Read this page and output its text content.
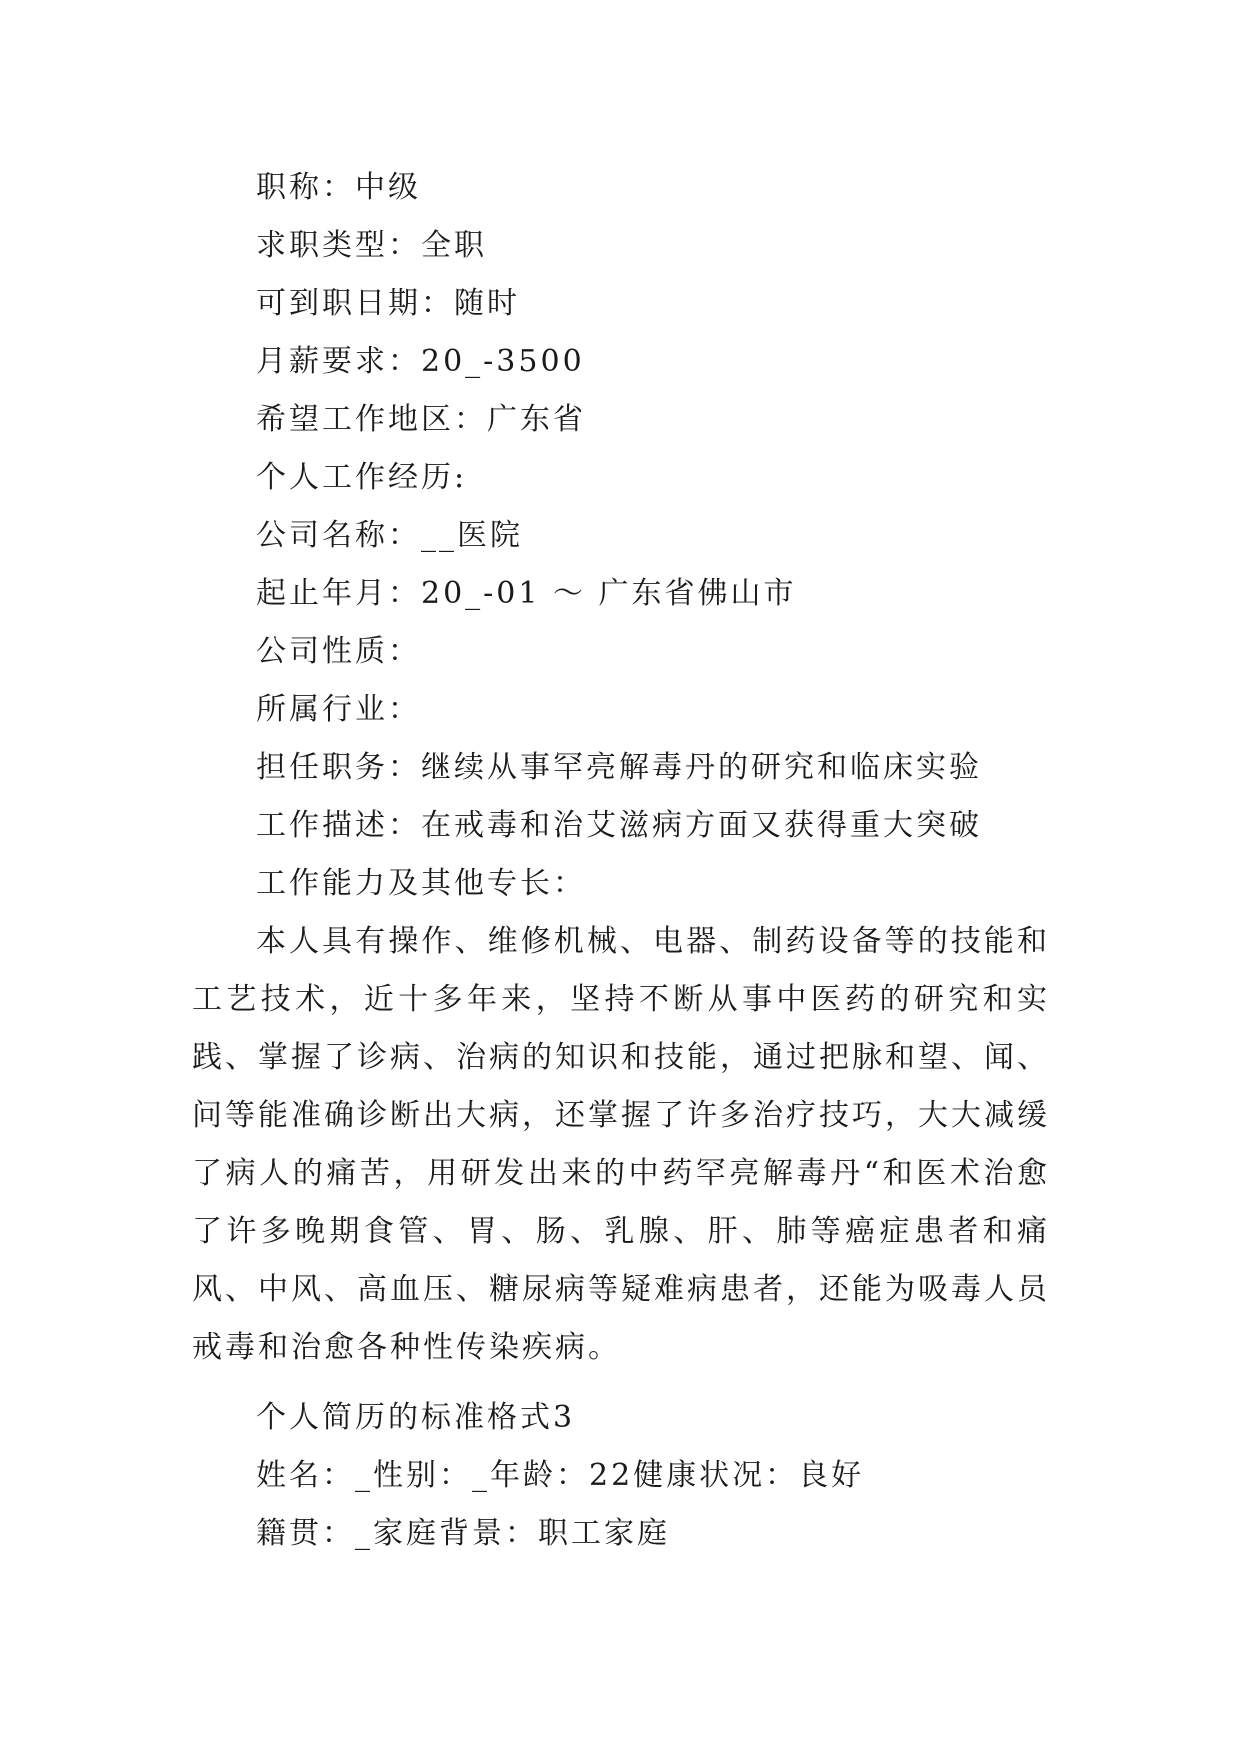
职称：中级
求职类型：全职
可到职日期：随时
月薪要求：20_-3500
希望工作地区：广东省
个人工作经历:
公司名称：__医院
起止年月：20_-01 ～ 广东省佛山市
公司性质：
所属行业：
担任职务：继续从事罕亮解毒丹的研究和临床实验
工作描述：在戒毒和治艾滋病方面又获得重大突破
工作能力及其他专长：

本人具有操作、维修机械、电器、制药设备等的技能和工艺技术，近十多年来，坚持不断从事中医药的研究和实践、掌握了诊病、治病的知识和技能，通过把脉和望、闻、问等能准确诊断出大病，还掌握了许多治疗技巧，大大减缓了病人的痛苦，用研发出来的中药罕亮解毒丹“和医术治愈了许多晚期食管、胃、肠、乳腺、肝、肺等癌症患者和痛风、中风、高血压、糖尿病等疑难病患者，还能为吸毒人员戒毒和治愈各种性传染疾病。

个人简历的标准格式3
姓名：_性别：_年龄：22健康状况：良好
籍贯：_家庭背景：职工家庭
